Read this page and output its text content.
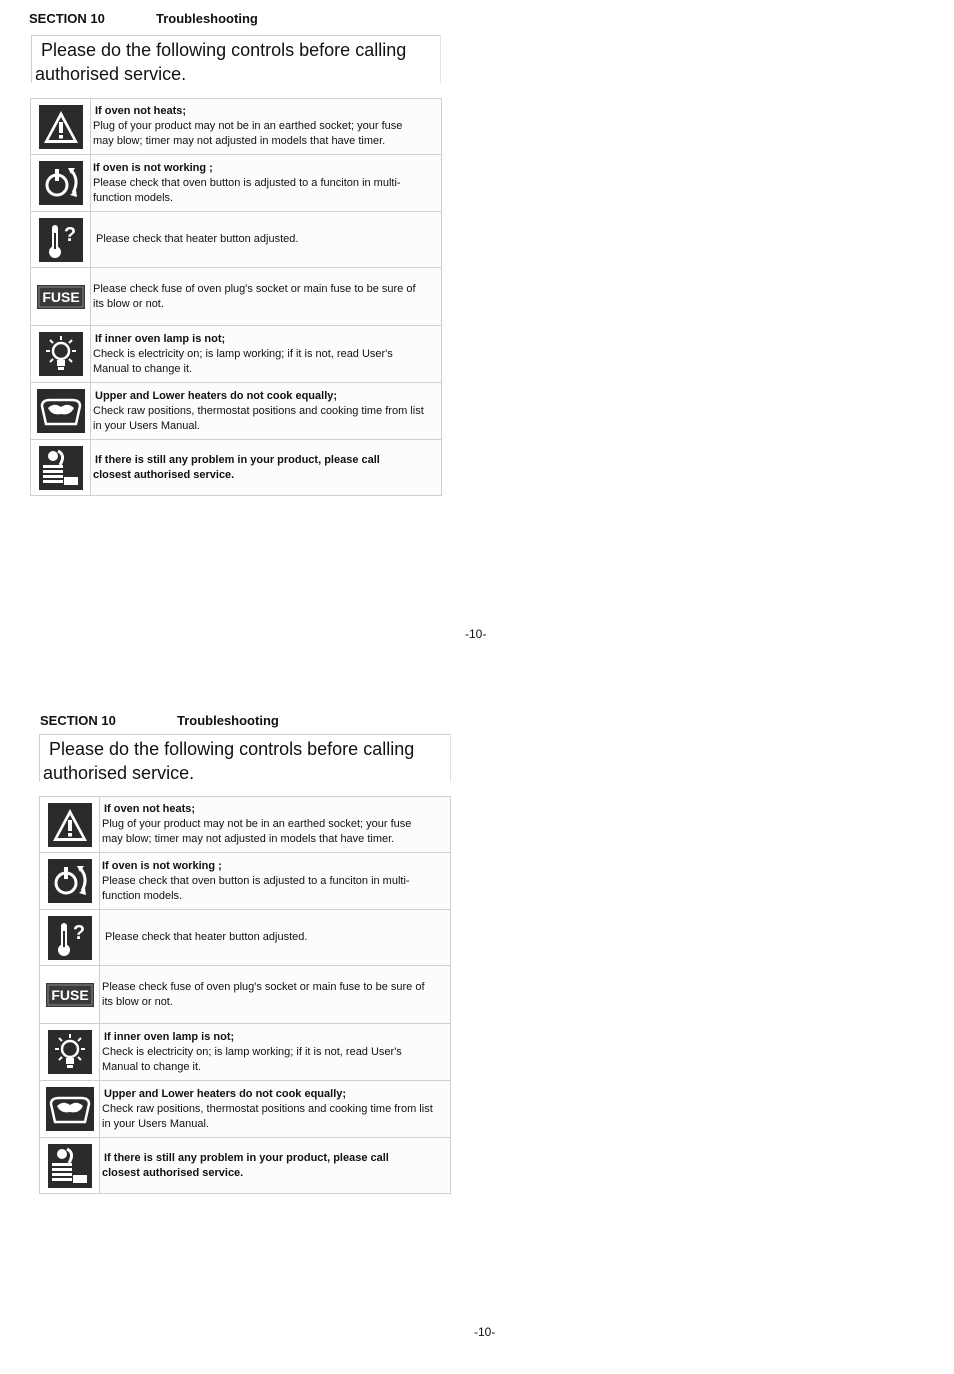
SECTION 10	Troubleshooting
Please do the following controls before calling
authorised service.

If oven not heats;
Plug of your product may not be in an earthed socket; your fuse
may blow; timer may not adjusted in models that have timer.

If oven is not working ;
Please check that oven button is adjusted to a funciton in multi-
function models.

?	Please check that heater button adjusted.

FUSE	Please check fuse of oven plug's socket or main fuse to be sure of
its blow or not.

If inner oven lamp is not;
Check is electricity on; is lamp working; if it is not, read User's
Manual to change it.

Upper and Lower heaters do not cook equally;
Check raw positions, thermostat positions and cooking time from list
in your Users Manual.

If there is still any problem in your product, please call
closest authorised service.
-10-
SECTION 10	Troubleshooting
Please do the following controls before calling
authorised service.

If oven not heats;
Plug of your product may not be in an earthed socket; your fuse
may blow; timer may not adjusted in models that have timer.

If oven is not working ;
Please check that oven button is adjusted to a funciton in multi-
function models.

?	Please check that heater button adjusted.

FUSE	Please check fuse of oven plug's socket or main fuse to be sure of
its blow or not.

If inner oven lamp is not;
Check is electricity on; is lamp working; if it is not, read User's
Manual to change it.

Upper and Lower heaters do not cook equally;
Check raw positions, thermostat positions and cooking time from list
in your Users Manual.

If there is still any problem in your product, please call
closest authorised service.
-10-
